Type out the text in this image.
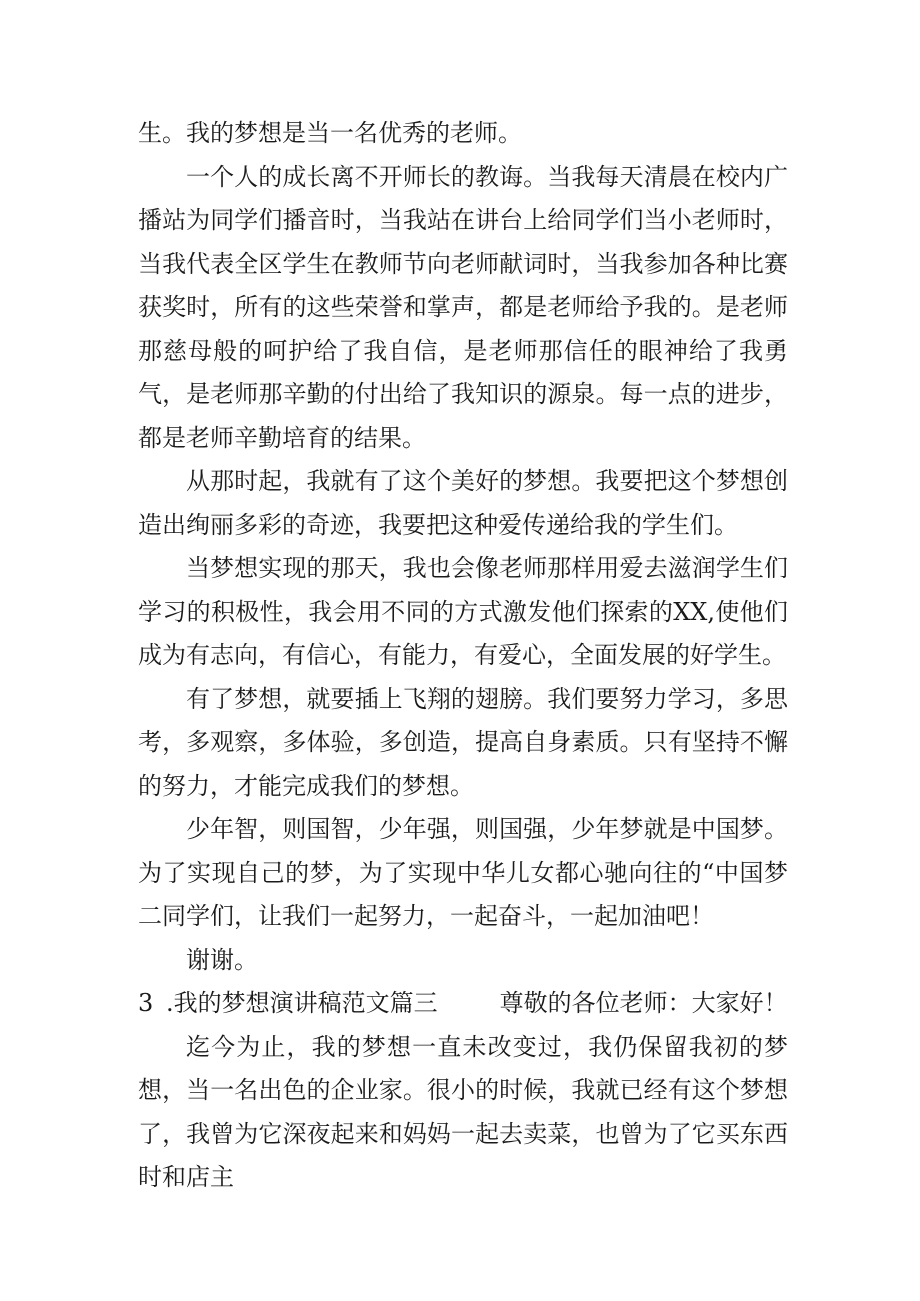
生。我的梦想是当一名优秀的老师。

一个人的成长离不开师长的教诲。当我每天清晨在校内广播站为同学们播音时，当我站在讲台上给同学们当小老师时，当我代表全区学生在教师节向老师献词时，当我参加各种比赛获奖时，所有的这些荣誉和掌声，都是老师给予我的。是老师那慈母般的呵护给了我自信，是老师那信任的眼神给了我勇气，是老师那辛勤的付出给了我知识的源泉。每一点的进步，都是老师辛勤培育的结果。

从那时起，我就有了这个美好的梦想。我要把这个梦想创造出绚丽多彩的奇迹，我要把这种爱传递给我的学生们。

当梦想实现的那天，我也会像老师那样用爱去滋润学生们学习的积极性，我会用不同的方式激发他们探索的XX,使他们成为有志向，有信心，有能力，有爱心，全面发展的好学生。

有了梦想，就要插上飞翔的翅膀。我们要努力学习，多思考，多观察，多体验，多创造，提高自身素质。只有坚持不懈的努力，才能完成我们的梦想。

少年智，则国智，少年强，则国强，少年梦就是中国梦。为了实现自己的梦，为了实现中华儿女都心驰向往的“中国梦二同学们，让我们一起努力，一起奋斗，一起加油吧！

谢谢。

3 .我的梦想演讲稿范文篇三	尊敬的各位老师：大家好！

迄今为止，我的梦想一直未改变过，我仍保留我初的梦想，当一名出色的企业家。很小的时候，我就已经有这个梦想了，我曾为它深夜起来和妈妈一起去卖菜，也曾为了它买东西时和店主
